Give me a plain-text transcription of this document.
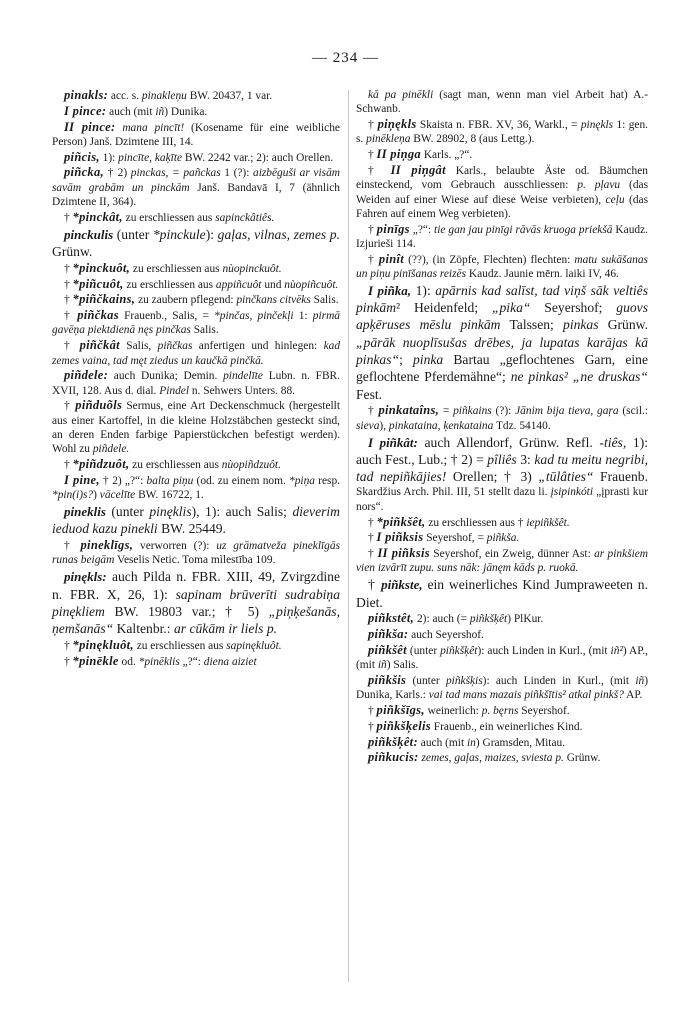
— 234 —

pinakls: acc. s. pinakleņu BW. 20437, 1 var.

I pince: auch (mit iñ) Dunika.

II pince: mana pincīt! (Kosename für eine weibliche Person) Janš. Dzimtene III, 14.

piñcis, 1): pincīte, kaķīte BW. 2242 var.; 2): auch Orellen.

piñcka, † 2) pinckas, = pañckas 1 (?): aizbēguši ar visām savām grabām un pinckām Janš. Bandavā I, 7 (ähnlich Dzimtene II, 364).

† *pinckât, zu erschliessen aus sapinckâtiês.

pinckulis (unter *pinckule): gaļas, vilnas, zemes p. Grünw.

† *pinckuôt, zu erschliessen aus nùopinckuôt.

† *piñcuôt, zu erschliessen aus appiñcuôt und nùopiñcuôt.

† *piñčkains, zu zaubern pflegend: pinčkans citvēks Salis.

† piñčkas Frauenb., Salis, = *pinčas, pinčekļi 1: pirmā gavēņa piektdienā nęs pinčkas Salis.

† piñčkât Salis, piñčkas anfertigen und hinlegen: kad zemes vaina, tad męt ziedus un kaučkā pinčkā.

piñdele: auch Dunika; Demin. pindelīte Lubn. n. FBR. XVII, 128. Aus d. dial. Pindel n. Sehwers Unters. 88.

† piñduõls Sermus, eine Art Deckenschmuck (hergestellt aus einer Kartoffel, in die kleine Holzstäbchen gesteckt sind, an deren Enden farbige Papierstückchen befestigt werden). Wohl zu piñdele.

† *piñdzuôt, zu erschliessen aus nùopiñdzuôt.

I pine, † 2) „?“: balta piņu (od. zu einem nom. *piņa resp. *pin(i)s?) vācelīte BW. 16722, 1.

pineklis (unter pinęklis), 1): auch Salis; dieverim ieduod kazu pinekli BW. 25449.

† pineklīgs, verworren (?): uz grāmatveža pineklīgās runas beigām Veselis Netic. Toma mìlestība 109.

pinękls: auch Pilda n. FBR. XIII, 49, Zvirgzdine n. FBR. X, 26, 1): sapinam brūverīti sudrabiņa pinękliem BW. 19803 var.; † 5) „piņķešanās, ņemšanās“ Kaltenbr.: ar cūkām ir liels p.

† *pinękluôt, zu erschliessen aus sapinękluôt.

† *pinēkle od. *pinēklis „?“: diena aiziet

kā pa pinēkli (sagt man, wenn man viel Arbeit hat) A.-Schwanb.

† piņękls Skaista n. FBR. XV, 36, Warkl., = pinękls 1: gen. s. pinēkleņa BW. 28902, 8 (aus Lettg.).

† II piņga Karls. „?“.

† II piņgât Karls., belaubte Äste od. Bäumchen einsteckend, vom Gebrauch ausschliessen: p. pļavu (das Weiden auf einer Wiese auf diese Weise verbieten), ceļu (das Fahren auf einem Weg verbieten).

† pinīgs „?“: tie gan jau pinīgi rāvās kruoga priekšā Kaudz. Izjurieši 114.

† pinît (??), (in Zöpfe, Flechten) flechten: matu sukāšanas un piņu pinīšanas reizēs Kaudz. Jaunie mērn. laiki IV, 46.

I piñka, 1): apārnis kad salīst, tad viņš sāk veltiês pinkām² Heidenfeld; „pika“ Seyershof; guovs apķēruses mēslu pinkām Talssen; pinkas Grünw. „pārāk nuoplīsušas drēbes, ja lupatas karājas kā pinkas“; pinka Bartau „geflochtenes Garn, eine geflochtene Pferdemähne“; ne pinkas² „ne druskas“ Fest.

† pinkataîns, = piñkains (?): Jānim bija tieva, gaŗa (scil.: sieva), pinkataina, ķenkataina Tdz. 54140.

I piñkât: auch Allendorf, Grünw. Refl. -tiês, 1): auch Fest., Lub.; † 2) = pîliês 3: kad tu meitu negribi, tad nepiñkājies! Orellen; † 3) „tūlâties“ Frauenb. Skardžius Arch. Phil. III, 51 stellt dazu li. įsipinkóti „įprasti kur nors“.

† *piñkšêt, zu erschliessen aus † iepiñkšêt.

† I piñksis Seyershof, = piñkša.

† II piñksis Seyershof, ein Zweig, dünner Ast: ar pinkšiem vien izvārīt zupu. suns nāk: jānęm kāds p. ruokā.

† piñkste, ein weinerliches Kind Jumpraweeten n. Diet.

piñkstêt, 2): auch (= piñkšķêt) PlKur.

piñkša: auch Seyershof.

piñkšêt (unter piñkšķêt): auch Linden in Kurl., (mit iñ²) AP., (mit iñ) Salis.

piñkšis (unter piñkšķis): auch Linden in Kurl., (mit iñ) Dunika, Karls.: vai tad mans mazais piñkšītis² atkal pinkš? AP.

† piñkšīgs, weinerlich: p. bęrns Seyershof.

† piñkšķelis Frauenb., ein weinerliches Kind.

piñkšķêt: auch (mit in) Gramsden, Mitau.

piñkucis: zemes, gaļas, maizes, sviesta p. Grünw.
